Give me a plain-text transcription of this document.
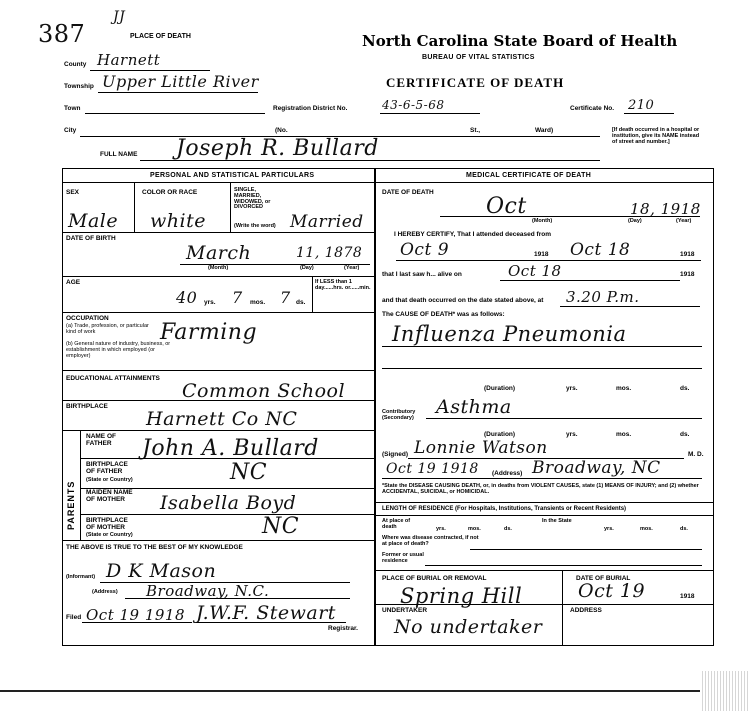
387
JJ
PLACE OF DEATH	North Carolina State Board of Health
BUREAU OF VITAL STATISTICS
CERTIFICATE OF DEATH
County Harnett
Township Upper Little River
Town	Registration District No.	43-6-5-68	Certificate No. 210
City	(No.	St.,	Ward)	[If death occurred in a hospital or institution, give its NAME instead of street and number.]
FULL NAME Joseph R. Bullard
PERSONAL AND STATISTICAL PARTICULARS	MEDICAL CERTIFICATE OF DEATH
SEX	COLOR OR RACE	SINGLE, MARRIED, WIDOWED, or DIVORCED
(Write the word)
Male white	Married
DATE OF BIRTH
March	11, 1878
(Month)	(Day)	(Year)
AGE	If LESS than 1 day......hrs. or......min.
40 yrs. 7 mos. 7 ds.
OCCUPATION
(a) Trade, profession, or particular kind of work
(b) General nature of industry, business, or establishment in which employed (or employer)
Farming
EDUCATIONAL ATTAINMENTS
Common School
BIRTHPLACE
Harnett Co NC
PARENTS
NAME OF FATHER	John A. Bullard
BIRTHPLACE OF FATHER
(State or Country)	NC
MAIDEN NAME OF MOTHER	Isabella Boyd
BIRTHPLACE OF MOTHER
(State or Country)	NC
THE ABOVE IS TRUE TO THE BEST OF MY KNOWLEDGE
(Informant) D K Mason
(Address) Broadway, N.C.
Filed Oct 19 1918 J.W.F. Stewart
Registrar.
DATE OF DEATH
Oct	18, 1918
(Month)	(Day)	(Year)
I HEREBY CERTIFY, That I attended deceased from
Oct 9	1918 Oct 18	1918
that I last saw h... alive on	Oct 18	1918
and that death occurred on the date stated above, at 3.20 P.m.
The CAUSE OF DEATH* was as follows:
Influenza Pneumonia
(Duration)	yrs.	mos.	ds.
Contributory (Secondary)	Asthma
(Duration)	yrs.	mos.	ds.
(Signed) Lonnie Watson	M. D.
Oct 19 1918 (Address) Broadway, NC
*State the DISEASE CAUSING DEATH, or, in deaths from VIOLENT CAUSES, state (1) MEANS OF INJURY; and (2) whether ACCIDENTAL, SUICIDAL, or HOMICIDAL.
LENGTH OF RESIDENCE (For Hospitals, Institutions, Transients or Recent Residents)
At place of death	yrs.	mos.	ds.
In the State
yrs.	mos.	ds.
Where was disease contracted, if not at place of death?
Former or usual residence
PLACE OF BURIAL OR REMOVAL
Spring Hill
DATE OF BURIAL
Oct 19	1918
UNDERTAKER
No undertaker
ADDRESS
